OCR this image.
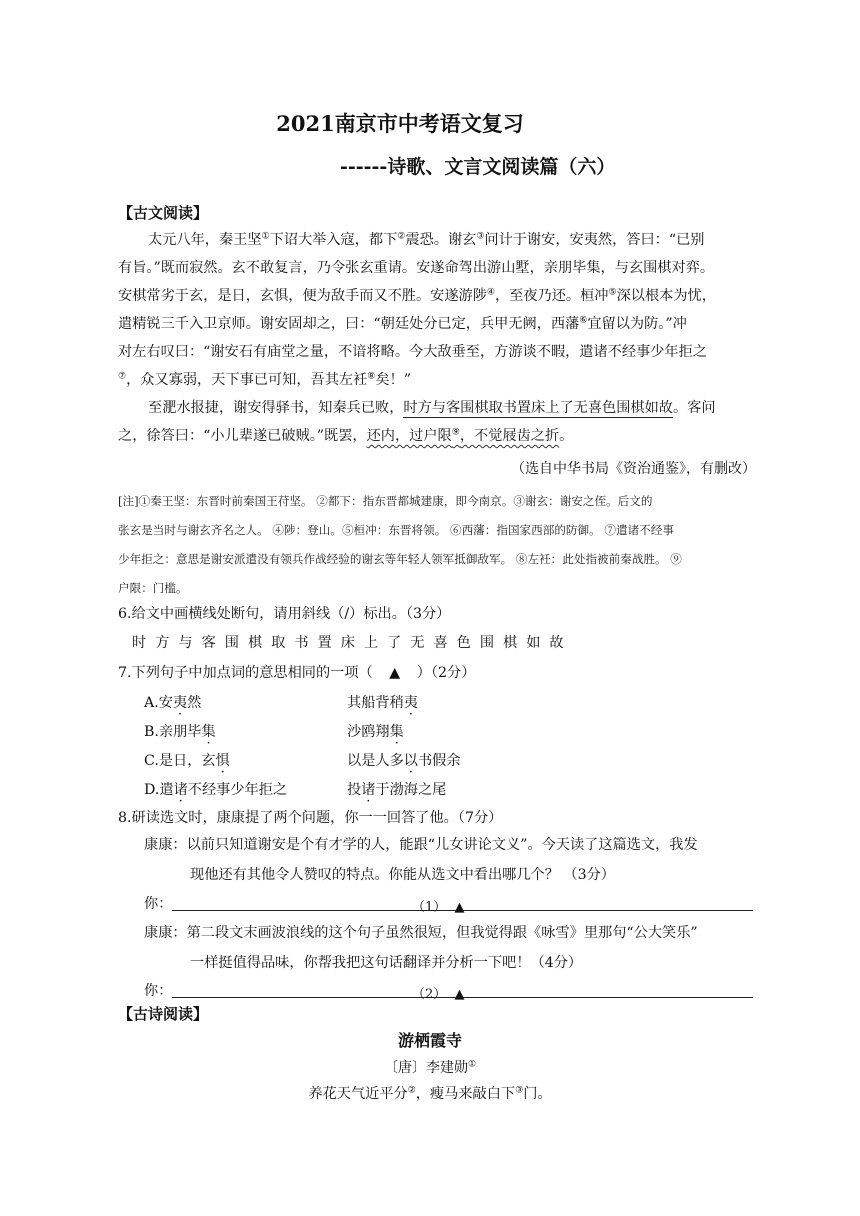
2021南京市中考语文复习
------诗歌、文言文阅读篇（六）
【古文阅读】
太元八年，秦王坚①下诏大举入寇，都下②震恐。谢玄③问计于谢安，安夷然，答曰：“已别
有旨。”既而寂然。玄不敢复言，乃令张玄重请。安遂命驾出游山墅，亲朋毕集，与玄围棋对弈。
安棋常劣于玄，是日，玄惧，便为敌手而又不胜。安遂游陟④，至夜乃还。桓冲⑤深以根本为忧，
遣精锐三千入卫京师。谢安固却之，曰：“朝廷处分已定，兵甲无阙，西藩⑥宜留以为防。”冲
对左右叹曰：“谢安石有庙堂之量，不谙将略。今大敌垂至，方游谈不暇，遣诸不经事少年拒之
⑦，众又寡弱，天下事已可知，吾其左衽⑧矣！”
至淝水报捷，谢安得驿书，知秦兵已败，时方与客围棋取书置床上了无喜色围棋如故。客问
之，徐答曰：“小儿辈遂已破贼。”既罢，还内，过户限⑨，不觉屐齿之折。
（选自中华书局《资治通鉴》，有删改）
[注]①秦王坚：东晋时前秦国王苻坚。 ②都下：指东晋都城建康，即今南京。③谢玄：谢安之侄。后文的
张玄是当时与谢玄齐名之人。 ④陟：登山。⑤桓冲：东晋将领。 ⑥西藩：指国家西部的防御。 ⑦遣诸不经事
少年拒之：意思是谢安派遣没有领兵作战经验的谢玄等年轻人领军抵御敌军。 ⑧左衽：此处指被前秦战胜。 ⑨
户限：门槛。
6.给文中画横线处断句，请用斜线（/）标出。（3分）
时方与客围棋取书置床上了无喜色围棋如故
7.下列句子中加点词的意思相同的一项（ ▲ ）（2分）
A.安夷然	其船背稍夷
B.亲朋毕集	沙鸥翔集
C.是日，玄惧	以是人多以书假余
D.遣诸不经事少年拒之	投诸于渤海之尾
8.研读选文时，康康提了两个问题，你一一回答了他。（7分）
康康：以前只知道谢安是个有才学的人，能跟“儿女讲论文义”。今天读了这篇选文，我发
现他还有其他令人赞叹的特点。你能从选文中看出哪几个？ （3分）
你：	（1） ▲
康康：第二段文末画波浪线的这个句子虽然很短，但我觉得跟《咏雪》里那句“公大笑乐”
一样挺值得品味，你帮我把这句话翻译并分析一下吧！（4分）
你：	（2） ▲
【古诗阅读】
游栖霞寺
〔唐〕李建勋①
养花天气近平分②，瘦马来敲白下③门。
